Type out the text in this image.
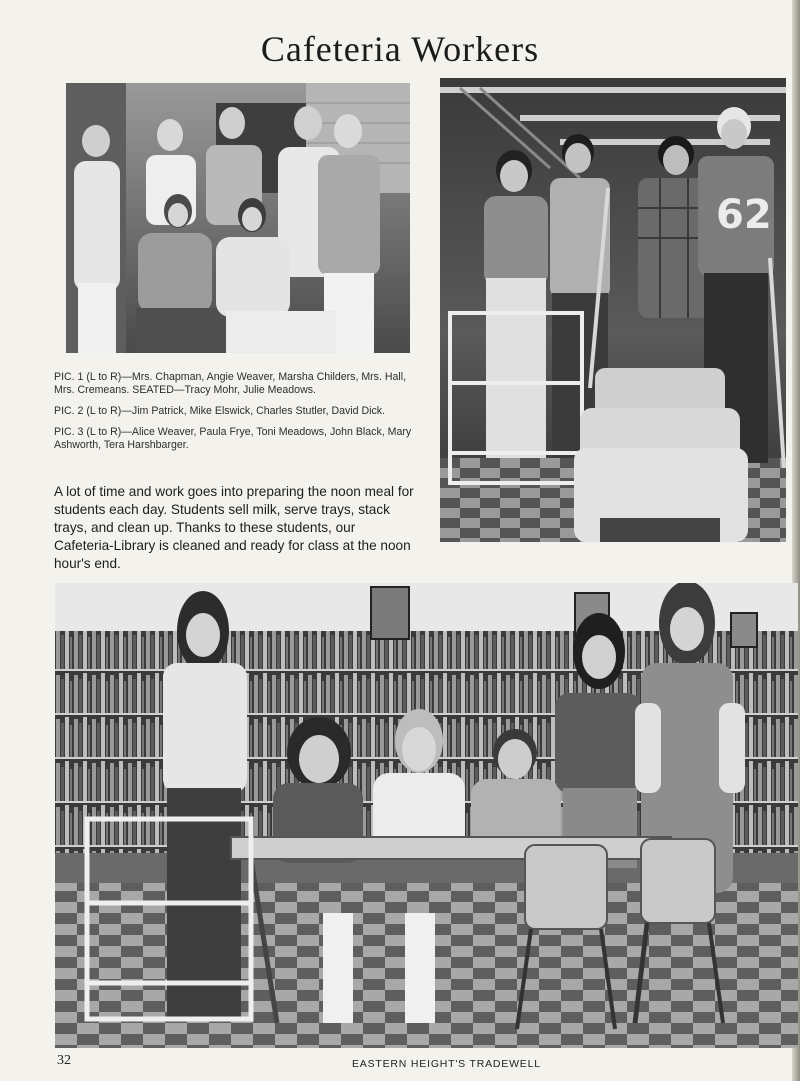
Cafeteria Workers
62

PIC. 1 (L to R)—Mrs. Chapman, Angie Weaver, Marsha Childers, Mrs. Hall, Mrs. Cremeans. SEATED—Tracy Mohr, Julie Meadows.

PIC. 2 (L to R)—Jim Patrick, Mike Elswick, Charles Stutler, David Dick.

PIC. 3 (L to R)—Alice Weaver, Paula Frye, Toni Meadows, John Black, Mary Ashworth, Tera Harshbarger.

A lot of time and work goes into preparing the noon meal for students each day. Students sell milk, serve trays, stack trays, and clean up. Thanks to these students, our Cafeteria-Library is cleaned and ready for class at the noon hour's end.
32	EASTERN HEIGHT'S TRADEWELL
